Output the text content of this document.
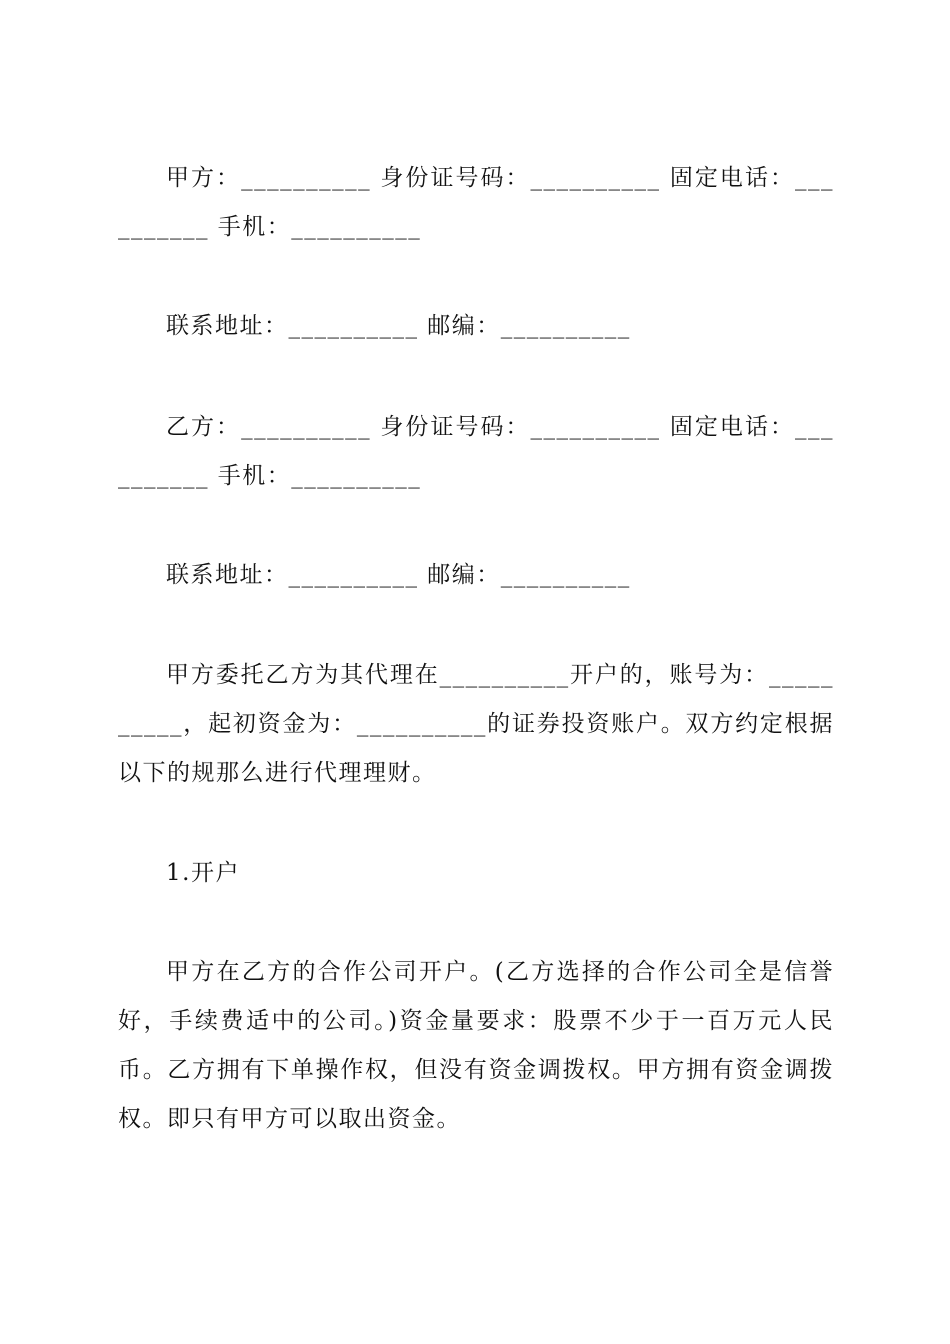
甲方：__________ 身份证号码：__________ 固定电话：__________ 手机：__________

联系地址：__________ 邮编：__________

乙方：__________ 身份证号码：__________ 固定电话：__________ 手机：__________

联系地址：__________ 邮编：__________

甲方委托乙方为其代理在__________开户的，账号为：__________，起初资金为：__________的证券投资账户。双方约定根据以下的规那么进行代理理财。

1.开户

甲方在乙方的合作公司开户。(乙方选择的合作公司全是信誉好，手续费适中的公司。)资金量要求：股票不少于一百万元人民币。乙方拥有下单操作权，但没有资金调拨权。甲方拥有资金调拨权。即只有甲方可以取出资金。
